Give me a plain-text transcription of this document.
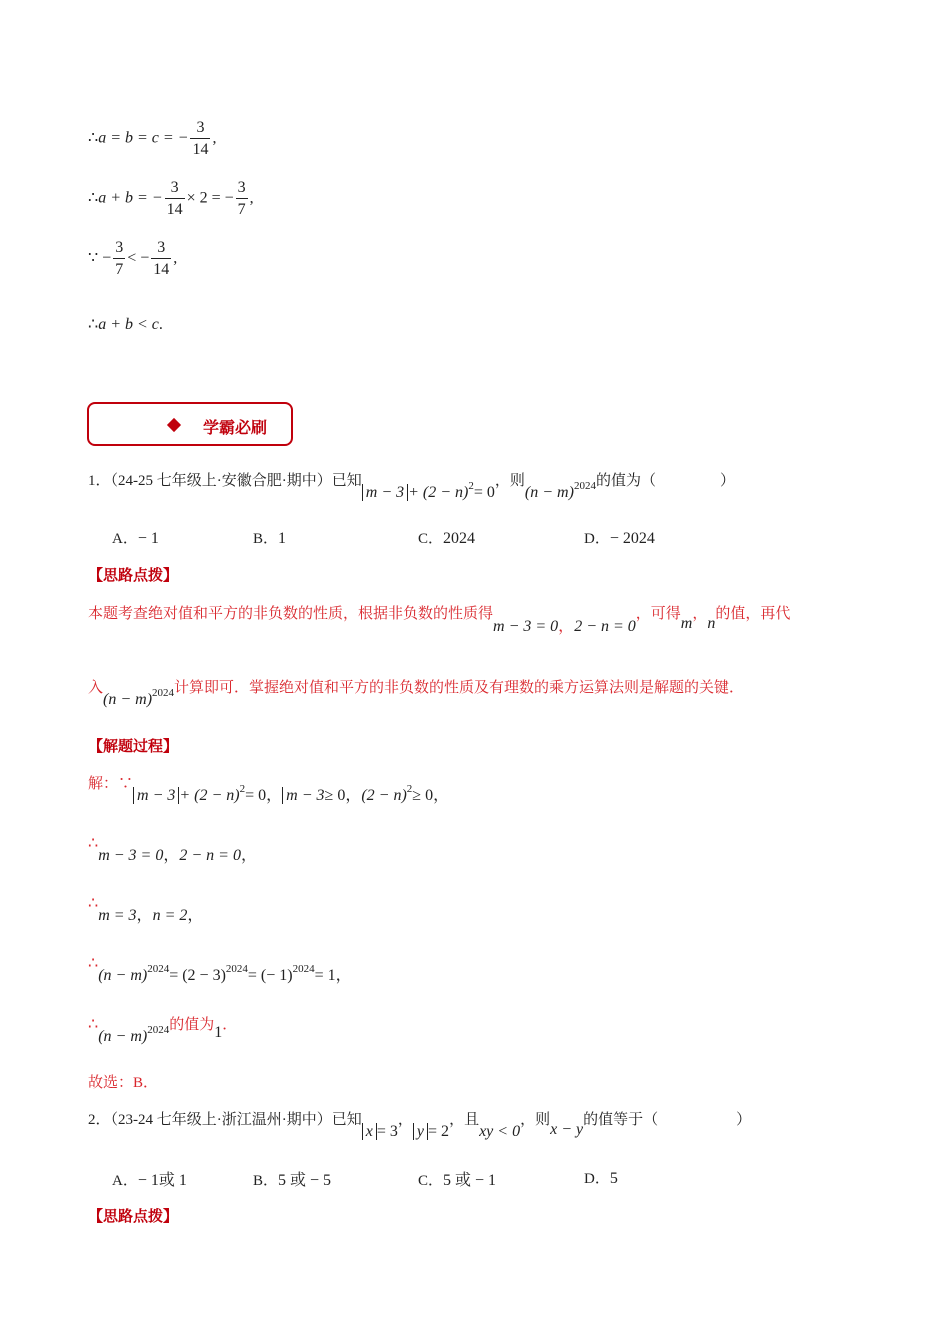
∴a = b = c = − $\frac{3}{14}$ ,
∴a + b = − $\frac{3}{14} \times 2$ = − $\frac{3}{7}$ ,
∵ − $\frac{3}{7}$ < − $\frac{3}{14}$ ,
∴a + b < c.
学霸必刷
1．（24-25 七年级上·安徽合肥·期中）已知$m - 3 + (2 - n)^2= 0$，则$(n - m)^{2024}$的值为（	）
A．− 1	B．1	C．2024	D．− 2024
【思路点拨】
本题考查绝对值和平方的非负数的性质，根据非负数的性质得m − 3 = 0，2 − n = 0，可得m，n的值，再代
入$(n - m)^{2024}$计算即可．掌握绝对值和平方的非负数的性质及有理数的乘方运算法则是解题的关键．
【解题过程】
解：∵m − $3 + (2 - n)^2= 0$， m − 3≥ 0，$(2 - n)^2\ge 0$，
∴m − 3 = 0，2 − n = 0，
∴m = 3，n = 2，
∴(n − $m)^{2024}= (2 - 3)^{2024}=$ (− 1)$^{2024}$= 1，
∴(n − m)$^{2024}$的值为1．
故选：B．
2．（23-24 七年级上·浙江温州·期中）已知x = 3，y = 2，且xy < 0，则x − y的值等于（	）
A．− 1或 1	B．5 或 − 5	C．5 或 − 1	D．5
【思路点拨】
